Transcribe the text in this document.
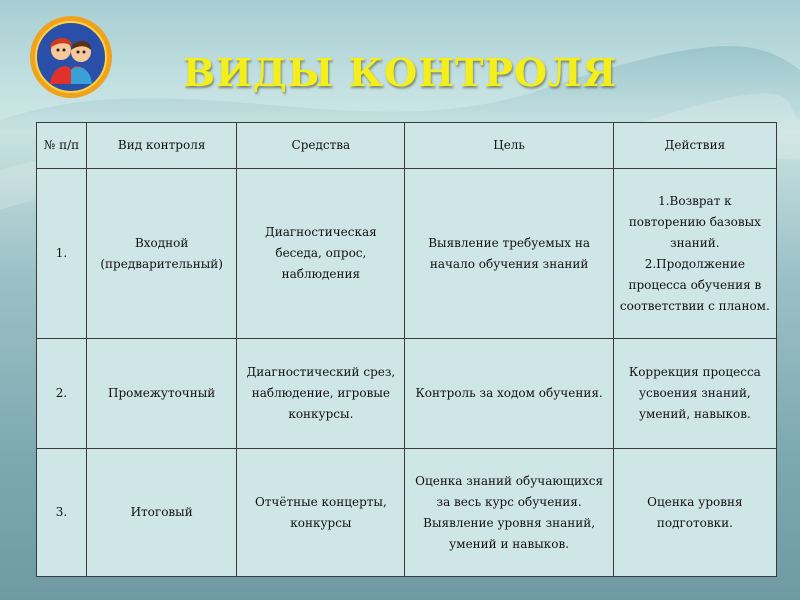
ВИДЫ КОНТРОЛЯ
№ п/п	Вид контроля	Средства	Цель	Действия
1.	Входной (предварительный)	Диагностическая беседа, опрос, наблюдения	Выявление требуемых на начало обучения знаний	1.Возврат к повторению базовых знаний. 2.Продолжение процесса обучения в соответствии с планом.
2.	Промежуточный	Диагностический срез, наблюдение, игровые конкурсы.	Контроль за ходом обучения.	Коррекция процесса усвоения знаний, умений, навыков.
3.	Итоговый	Отчётные концерты, конкурсы	Оценка знаний обучающихся за весь курс обучения. Выявление уровня знаний, умений и навыков.	Оценка уровня подготовки.
